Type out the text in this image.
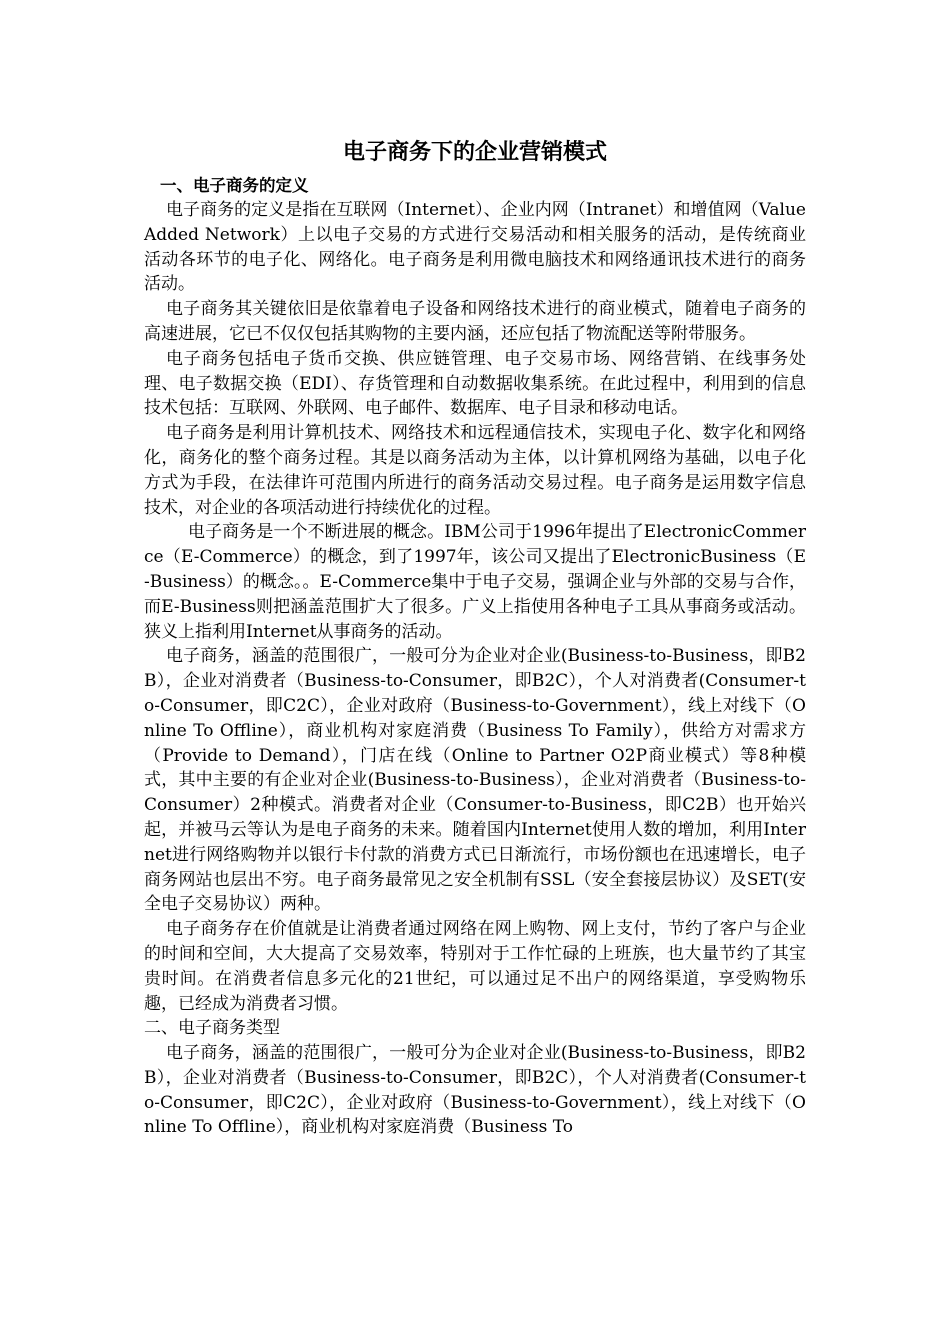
电子商务下的企业营销模式
一、电子商务的定义

电子商务的定义是指在互联网（Internet）、企业内网（Intranet）和增值网（Value Added Network）上以电子交易的方式进行交易活动和相关服务的活动，是传统商业活动各环节的电子化、网络化。电子商务是利用微电脑技术和网络通讯技术进行的商务活动。

电子商务其关键依旧是依靠着电子设备和网络技术进行的商业模式，随着电子商务的高速进展，它已不仅仅包括其购物的主要内涵，还应包括了物流配送等附带服务。

电子商务包括电子货币交换、供应链管理、电子交易市场、网络营销、在线事务处理、电子数据交换（EDI）、存货管理和自动数据收集系统。在此过程中，利用到的信息技术包括：互联网、外联网、电子邮件、数据库、电子目录和移动电话。

电子商务是利用计算机技术、网络技术和远程通信技术，实现电子化、数字化和网络化，商务化的整个商务过程。其是以商务活动为主体，以计算机网络为基础，以电子化方式为手段，在法律许可范围内所进行的商务活动交易过程。电子商务是运用数字信息技术，对企业的各项活动进行持续优化的过程。

电子商务是一个不断进展的概念。IBM公司于1996年提出了ElectronicCommerce（E-Commerce）的概念，到了1997年，该公司又提出了ElectronicBusiness（E-Business）的概念。。E-Commerce集中于电子交易，强调企业与外部的交易与合作，而E-Business则把涵盖范围扩大了很多。广义上指使用各种电子工具从事商务或活动。狭义上指利用Internet从事商务的活动。

电子商务，涵盖的范围很广，一般可分为企业对企业(Business-to-Business，即B2B），企业对消费者（Business-to-Consumer，即B2C），个人对消费者(Consumer-to-Consumer，即C2C），企业对政府（Business-to-Government），线上对线下（Online To Offline），商业机构对家庭消费（Business To Family），供给方对需求方（Provide to Demand），门店在线（Online to Partner O2P商业模式）等8种模式，其中主要的有企业对企业(Business-to-Business），企业对消费者（Business-to-Consumer）2种模式。消费者对企业（Consumer-to-Business，即C2B）也开始兴起，并被马云等认为是电子商务的未来。随着国内Internet使用人数的增加，利用Internet进行网络购物并以银行卡付款的消费方式已日渐流行，市场份额也在迅速增长，电子商务网站也层出不穷。电子商务最常见之安全机制有SSL（安全套接层协议）及SET(安全电子交易协议）两种。

电子商务存在价值就是让消费者通过网络在网上购物、网上支付，节约了客户与企业的时间和空间，大大提高了交易效率，特别对于工作忙碌的上班族，也大量节约了其宝贵时间。在消费者信息多元化的21世纪，可以通过足不出户的网络渠道，享受购物乐趣，已经成为消费者习惯。

二、电子商务类型

电子商务，涵盖的范围很广，一般可分为企业对企业(Business-to-Business，即B2B），企业对消费者（Business-to-Consumer，即B2C），个人对消费者(Consumer-to-Consumer，即C2C），企业对政府（Business-to-Government），线上对线下（Online To Offline），商业机构对家庭消费（Business To
